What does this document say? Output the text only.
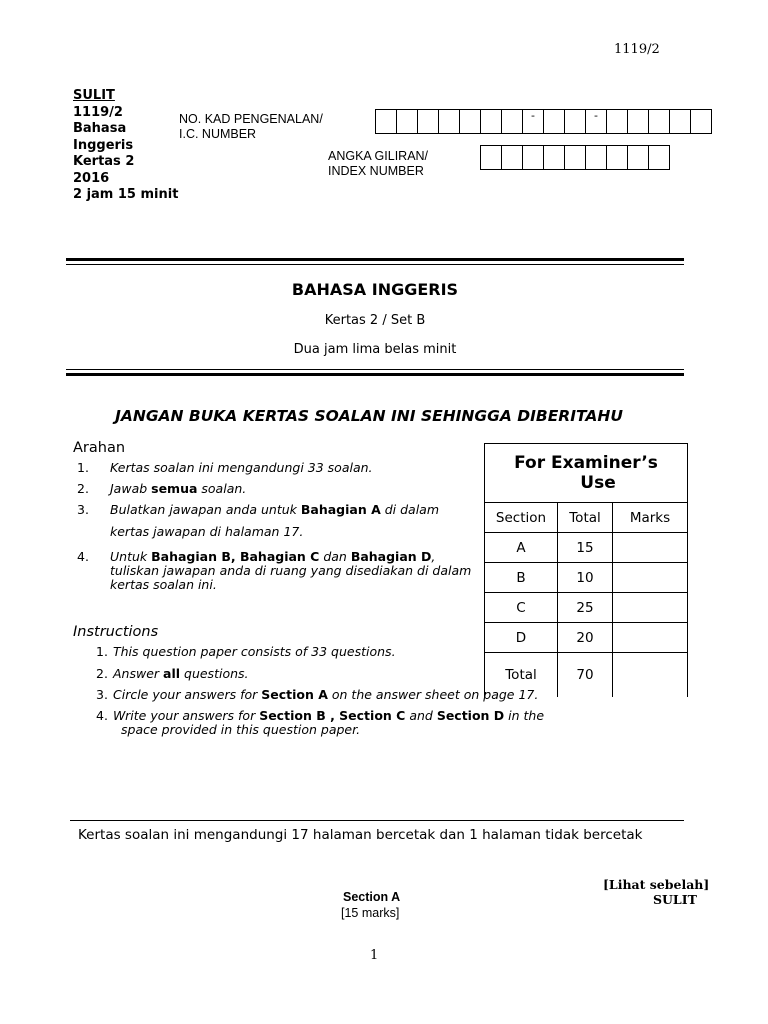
1119/2
SULIT
1119/2
Bahasa
Inggeris
Kertas 2
2016
2 jam 15 minit
NO. KAD PENGENALAN/
I.C. NUMBER
-	-
ANGKA GILIRAN/
INDEX NUMBER
BAHASA INGGERIS
Kertas 2 / Set B
Dua jam lima belas minit
JANGAN BUKA KERTAS SOALAN INI SEHINGGA DIBERITAHU
Arahan
1. Kertas soalan ini mengandungi 33 soalan.
2. Jawab semua soalan.
3. Bulatkan jawapan anda untuk Bahagian A di dalam
kertas jawapan di halaman 17.
4. Untuk Bahagian B, Bahagian C dan Bahagian D,
tuliskan jawapan anda di ruang yang disediakan di dalam
kertas soalan ini.
Instructions
1. This question paper consists of 33 questions.
2. Answer all questions.
3. Circle your answers for Section A on the answer sheet on page 17.
4. Write your answers for Section B , Section C and Section D in the
space provided in this question paper.
For Examiner’s
Use		

Section	Total	Marks
A	15	
B	10	
C	25	
D	20	
Total	70	
Kertas soalan ini mengandungi 17 halaman bercetak dan 1 halaman tidak bercetak
Section A
[15 marks]
[Lihat sebelah]
SULIT
1
